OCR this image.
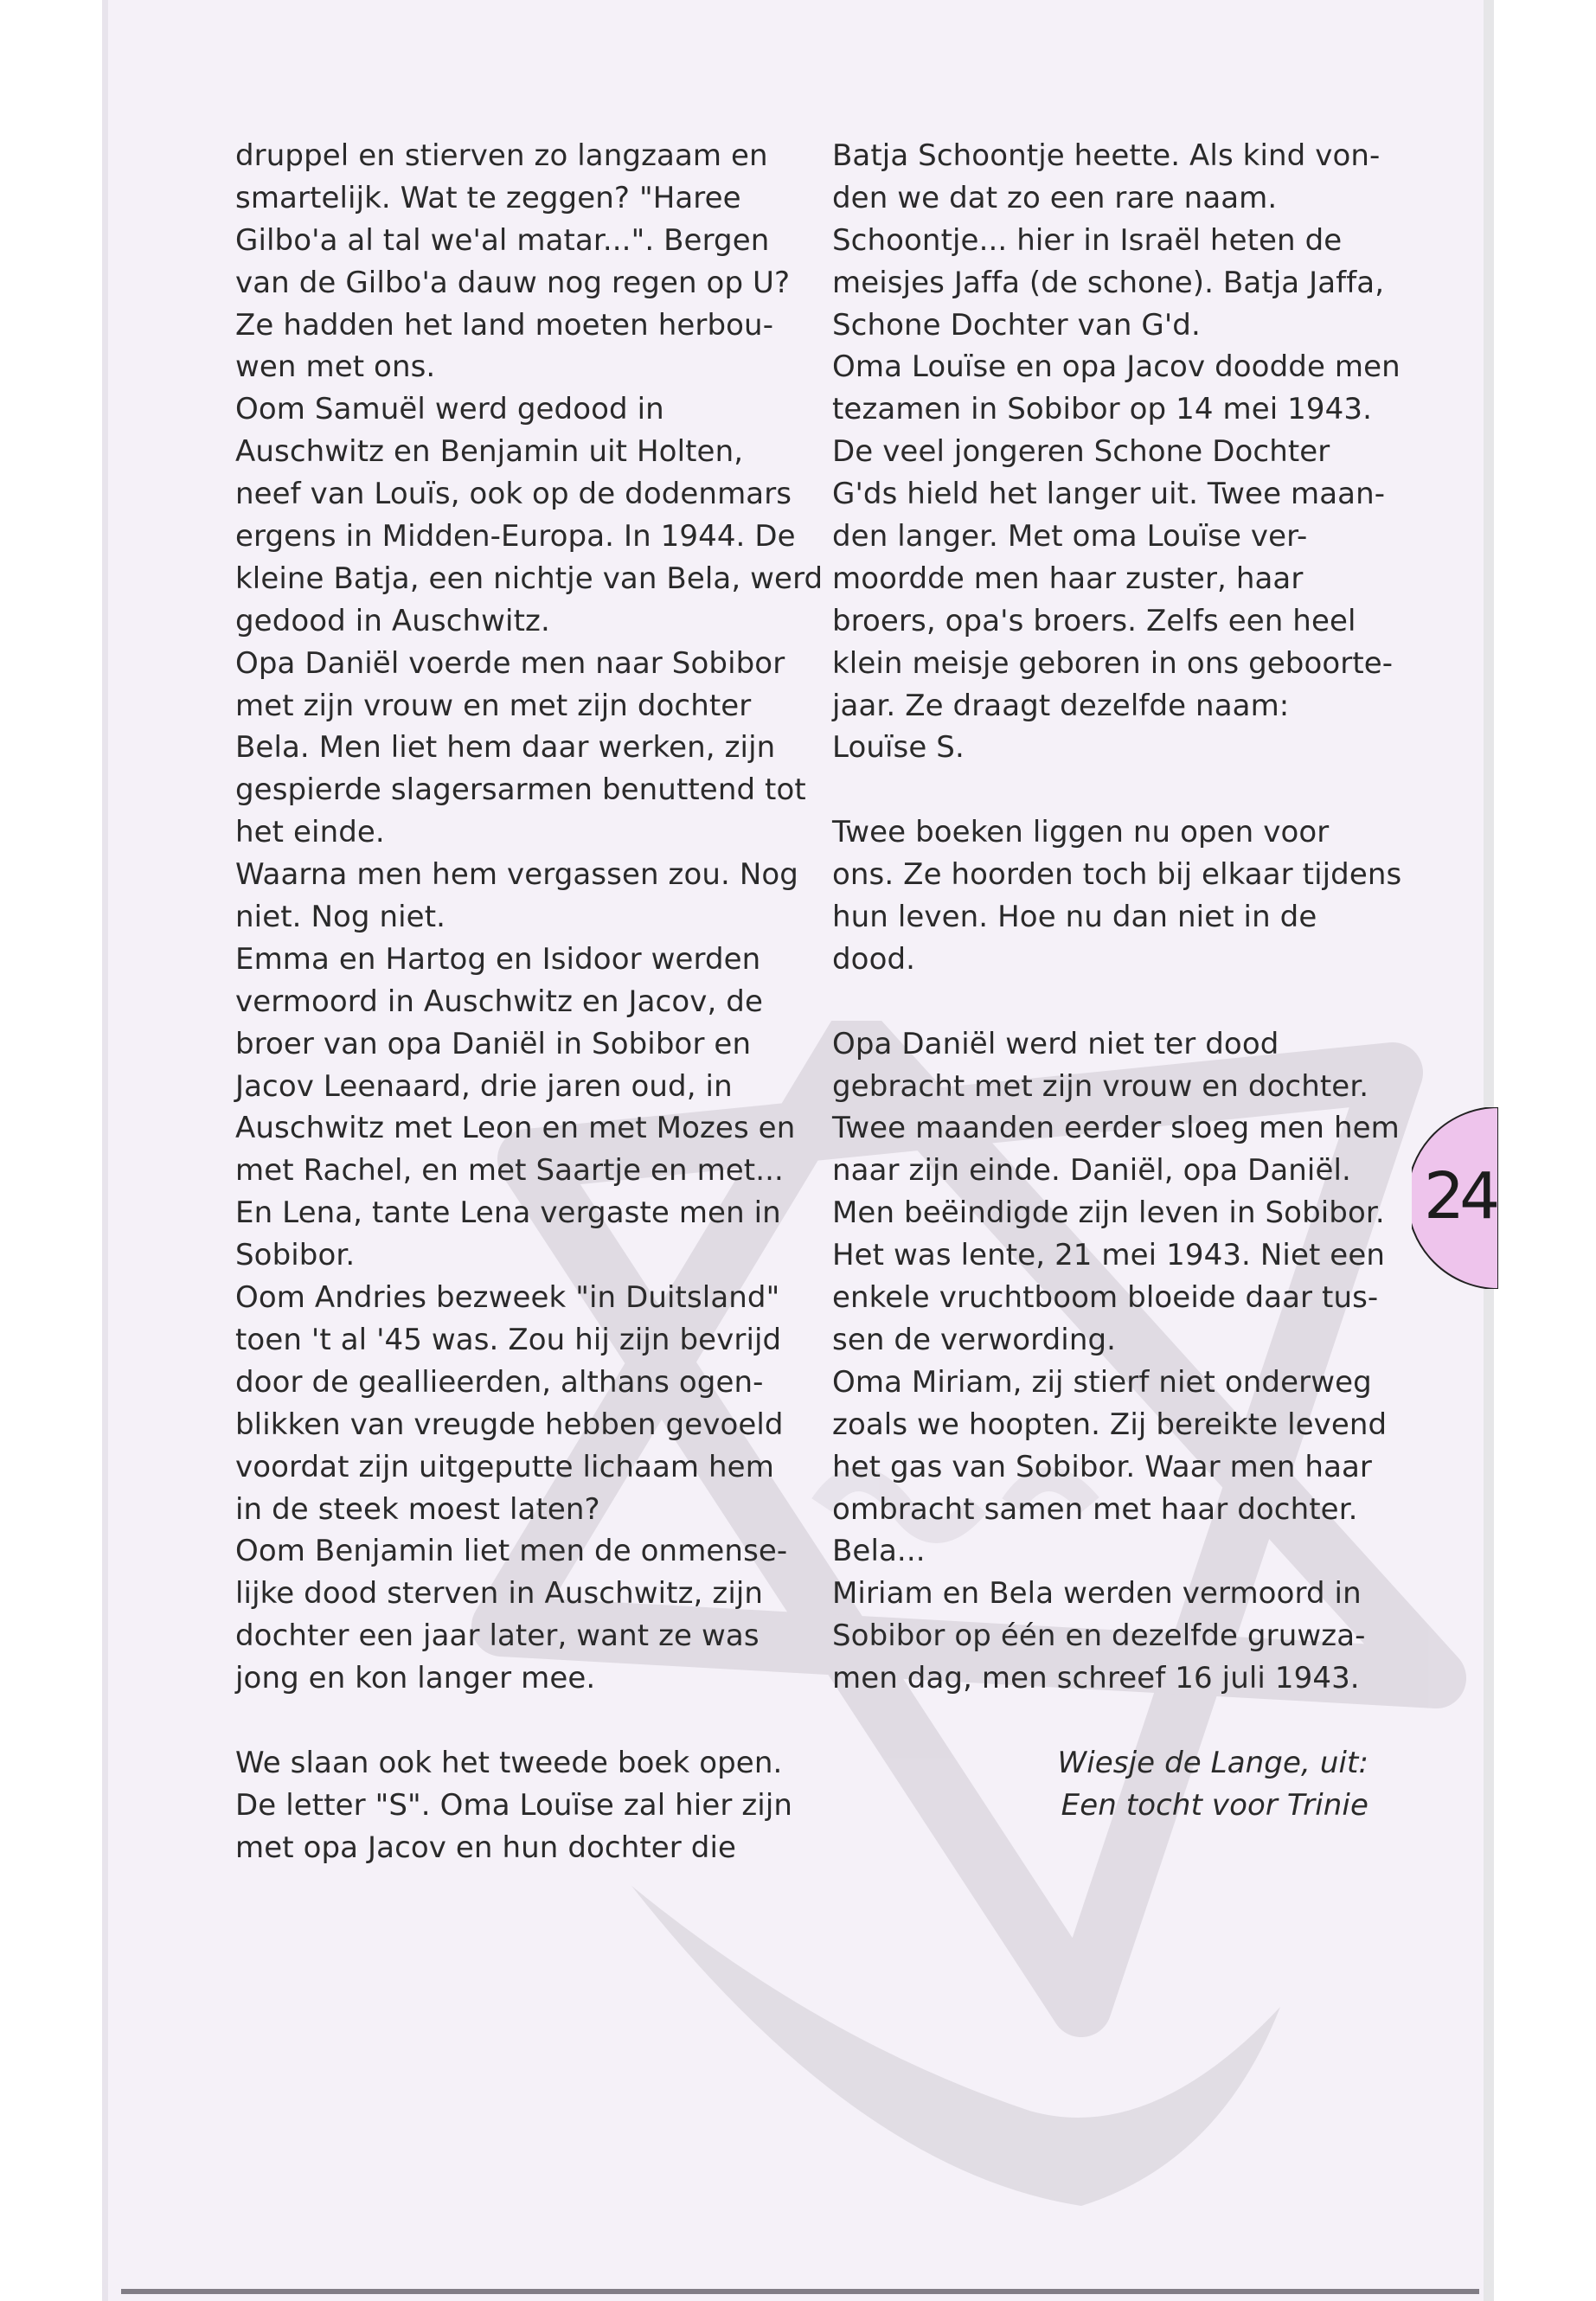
druppel en stierven zo langzaam en
smartelijk. Wat te zeggen? "Haree
Gilbo'a al tal we'al matar...". Bergen
van de Gilbo'a dauw nog regen op U?
Ze hadden het land moeten herbou-
wen met ons.
Oom Samuël werd gedood in
Auschwitz en Benjamin uit Holten,
neef van Louïs, ook op de dodenmars
ergens in Midden-Europa. In 1944. De
kleine Batja, een nichtje van Bela, werd
gedood in Auschwitz.
Opa Daniël voerde men naar Sobibor
met zijn vrouw en met zijn dochter
Bela. Men liet hem daar werken, zijn
gespierde slagersarmen benuttend tot
het einde.
Waarna men hem vergassen zou. Nog
niet. Nog niet.
Emma en Hartog en Isidoor werden
vermoord in Auschwitz en Jacov, de
broer van opa Daniël in Sobibor en
Jacov Leenaard, drie jaren oud, in
Auschwitz met Leon en met Mozes en
met Rachel, en met Saartje en met...
En Lena, tante Lena vergaste men in
Sobibor.
Oom Andries bezweek "in Duitsland"
toen 't al '45 was. Zou hij zijn bevrijd
door de geallieerden, althans ogen-
blikken van vreugde hebben gevoeld
voordat zijn uitgeputte lichaam hem
in de steek moest laten?
Oom Benjamin liet men de onmense-
lijke dood sterven in Auschwitz, zijn
dochter een jaar later, want ze was
jong en kon langer mee.
We slaan ook het tweede boek open.
De letter "S". Oma Louïse zal hier zijn
met opa Jacov en hun dochter die
Batja Schoontje heette. Als kind von-
den we dat zo een rare naam.
Schoontje... hier in Israël heten de
meisjes Jaffa (de schone). Batja Jaffa,
Schone Dochter van G'd.
Oma Louïse en opa Jacov doodde men
tezamen in Sobibor op 14 mei 1943.
De veel jongeren Schone Dochter
G'ds hield het langer uit. Twee maan-
den langer. Met oma Louïse ver-
moordde men haar zuster, haar
broers, opa's broers. Zelfs een heel
klein meisje geboren in ons geboorte-
jaar. Ze draagt dezelfde naam:
Louïse S.
Twee boeken liggen nu open voor
ons. Ze hoorden toch bij elkaar tijdens
hun leven. Hoe nu dan niet in de
dood.
Opa Daniël werd niet ter dood
gebracht met zijn vrouw en dochter.
Twee maanden eerder sloeg men hem
naar zijn einde. Daniël, opa Daniël.
Men beëindigde zijn leven in Sobibor.
Het was lente, 21 mei 1943. Niet een
enkele vruchtboom bloeide daar tus-
sen de verwording.
Oma Miriam, zij stierf niet onderweg
zoals we hoopten. Zij bereikte levend
het gas van Sobibor. Waar men haar
ombracht samen met haar dochter.
Bela...
Miriam en Bela werden vermoord in
Sobibor op één en dezelfde gruwza-
men dag, men schreef 16 juli 1943.
Wiesje de Lange, uit:
Een tocht voor Trinie
24
